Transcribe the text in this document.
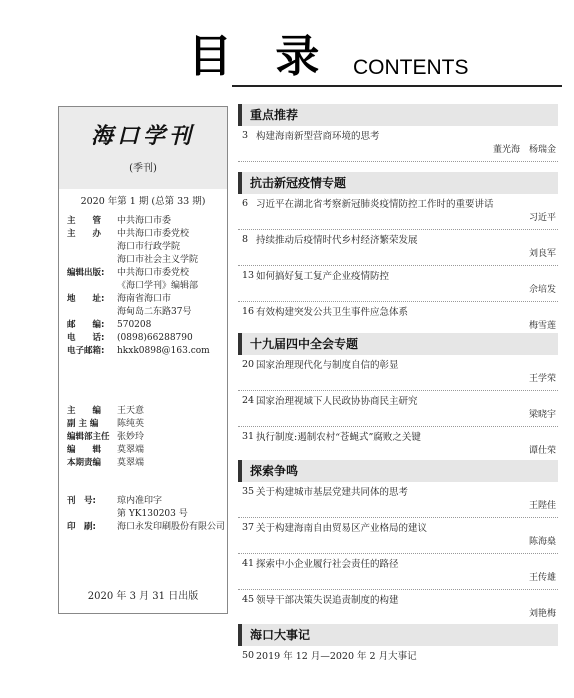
目 录 CONTENTS
海口学刊
(季刊)
2020 年第 1 期 (总第 33 期)
2020 年 3 月 31 日出版
主　　管 中共海口市委
主　　办 中共海口市委党校
海口市行政学院
海口市社会主义学院
编辑出版: 中共海口市委党校
《海口学刊》编辑部
地　　址: 海南省海口市
海甸岛二东路37号
邮　　编: 570208
电　　话: (0898)66288790
电子邮箱: hkxk0898@163.com
主　　编 王天意
副 主 编 陈纯英
编辑部主任 张妙玲
编　　辑 莫翠端
本期责编 莫翠端
刊　号: 琼内准印字
第 YK130203 号
印　刷: 海口永发印刷股份有限公司
重点推荐
3 构建海南新型营商环境的思考
董光海　杨瑞金
抗击新冠疫情专题
6 习近平在湖北省考察新冠肺炎疫情防控工作时的重要讲话
习近平
8 持续推动后疫情时代乡村经济繁荣发展
刘良军
13 如何搞好复工复产企业疫情防控
佘培发
16 有效构建突发公共卫生事件应急体系
梅雪莲
十九届四中全会专题
20 国家治理现代化与制度自信的彰显
王学荣
24 国家治理视域下人民政协协商民主研究
梁晓宇
31 执行制度:遏制农村“苍蝇式”腐败之关键
谭仕荣
探索争鸣
35 关于构建城市基层党建共同体的思考
王陛佳
37 关于构建海南自由贸易区产业格局的建议
陈海燊
41 探索中小企业履行社会责任的路径
王传雄
45 领导干部决策失误追责制度的构建
刘艳梅
海口大事记
50 2019 年 12 月—2020 年 2 月大事记
